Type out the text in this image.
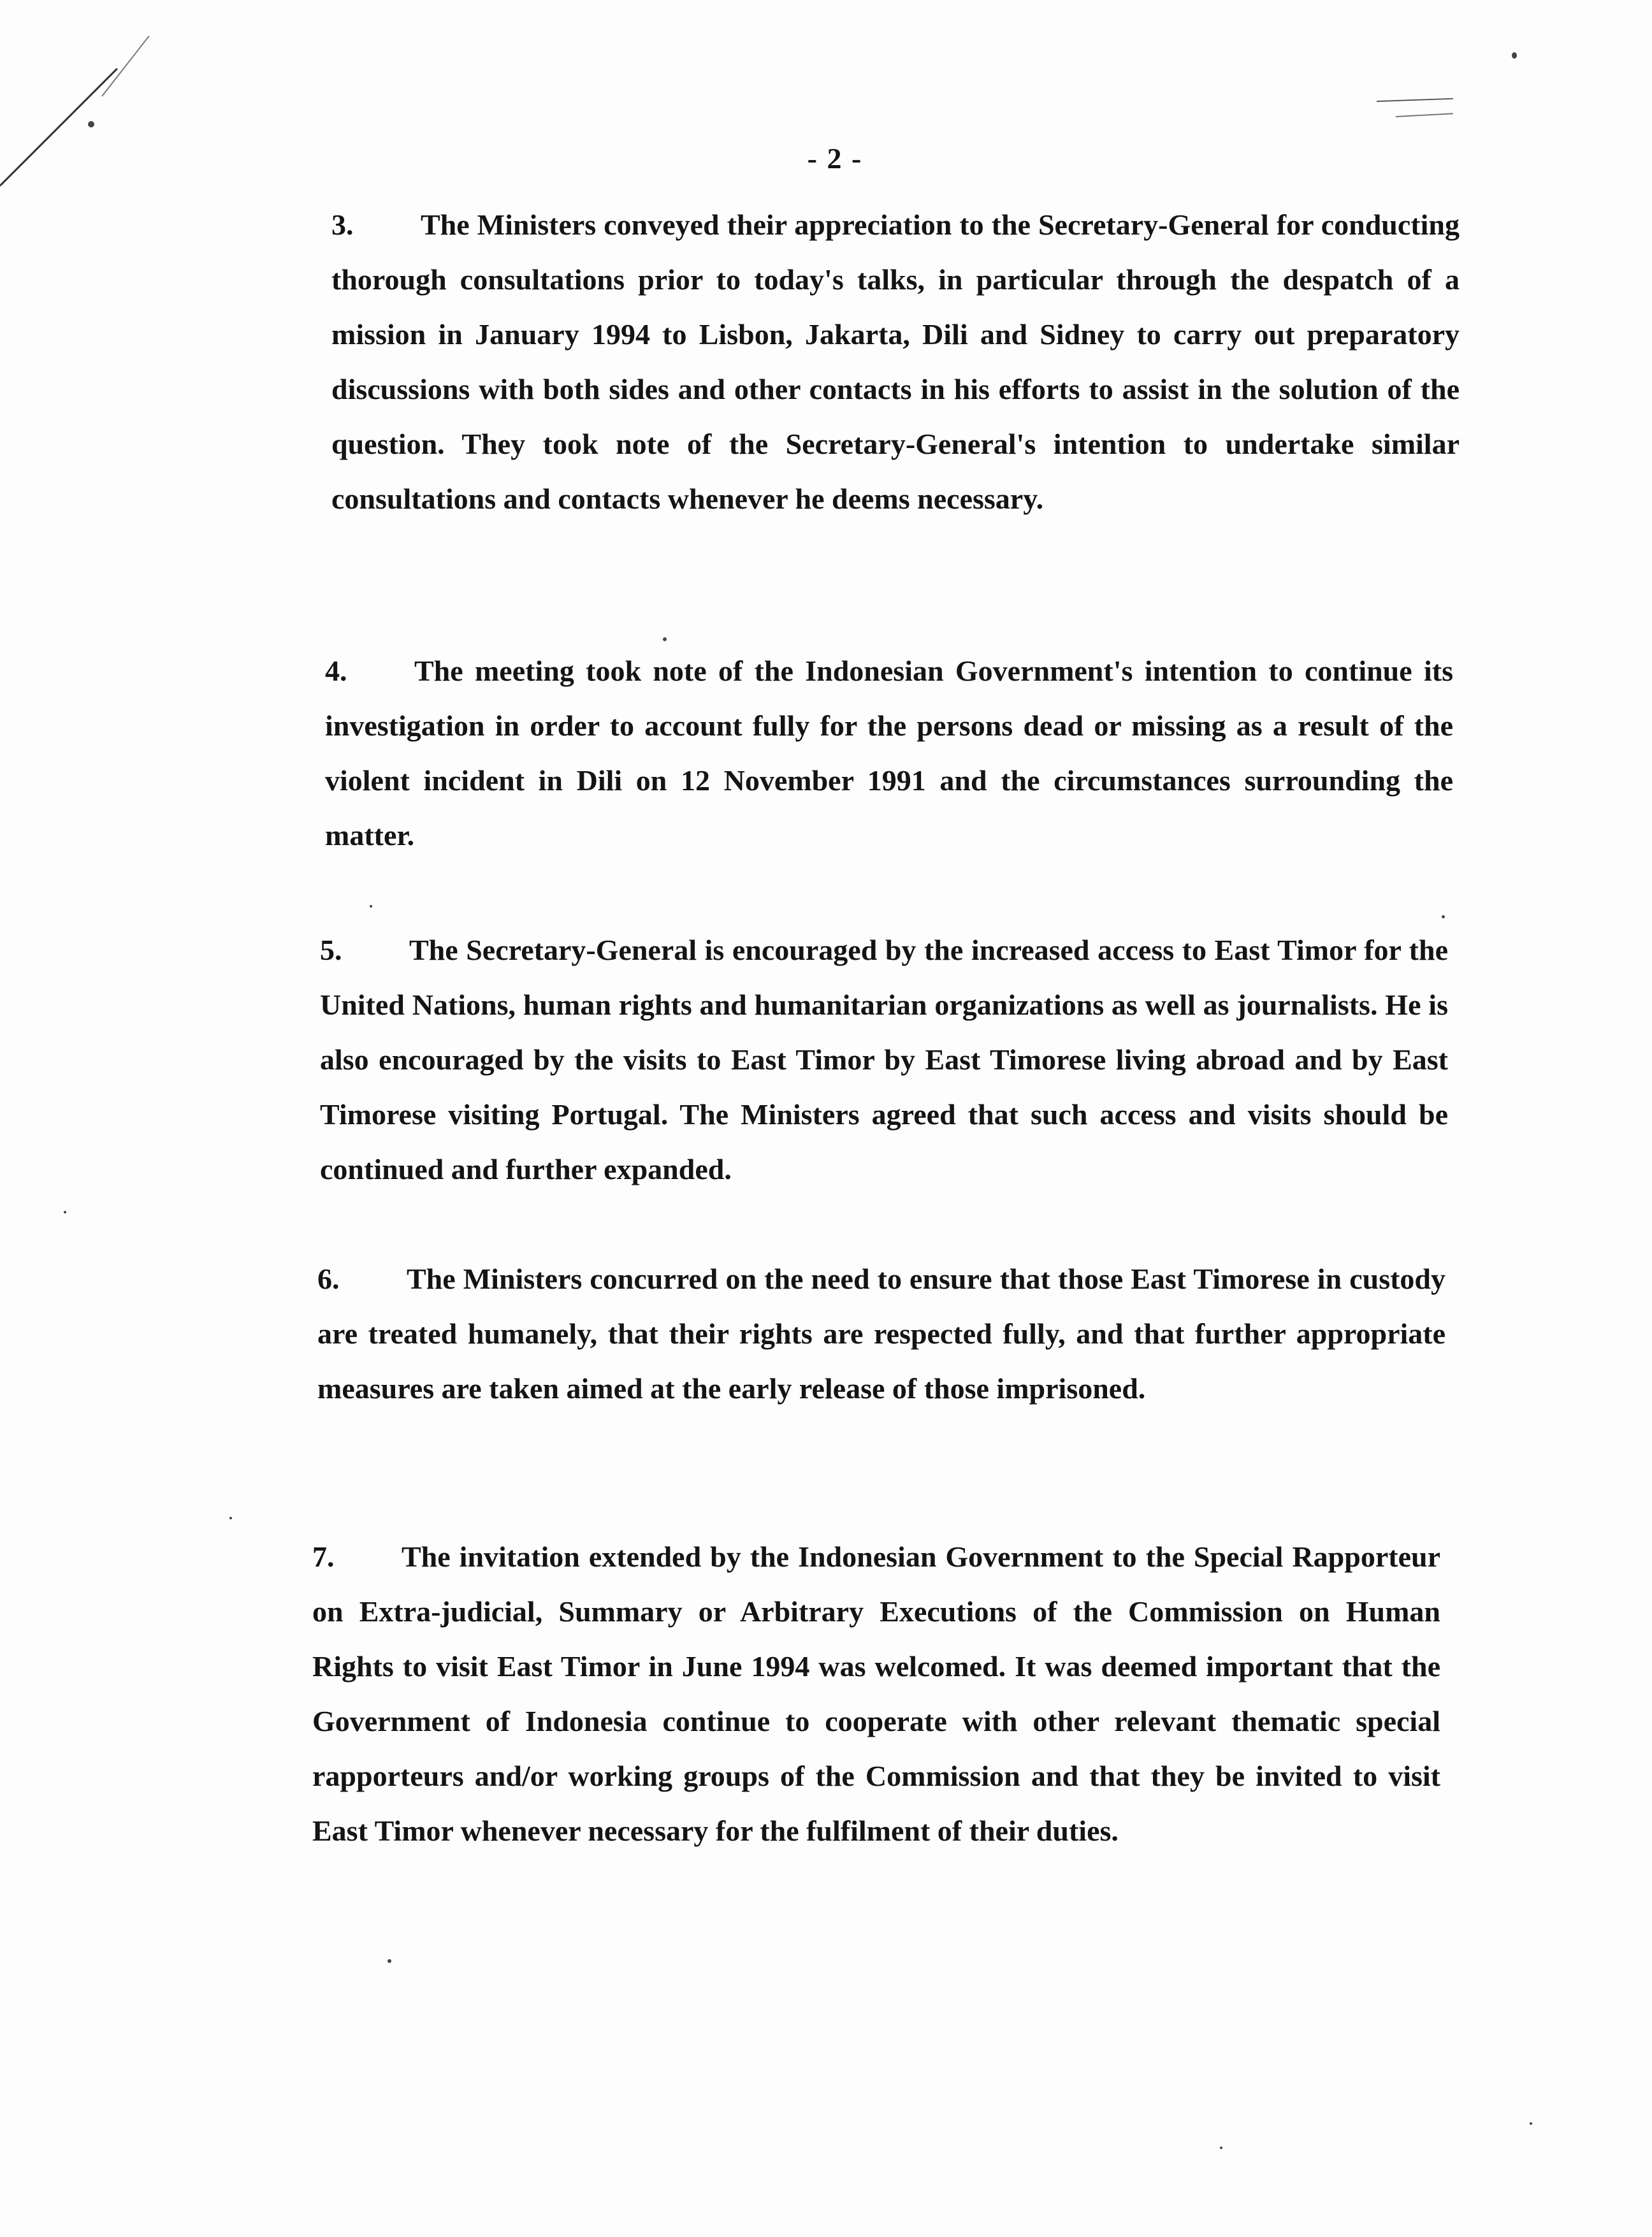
- 2 -
3. The Ministers conveyed their appreciation to the Secretary-General for conducting thorough consultations prior to today's talks, in particular through the despatch of a mission in January 1994 to Lisbon, Jakarta, Dili and Sidney to carry out preparatory discussions with both sides and other contacts in his efforts to assist in the solution of the question. They took note of the Secretary-General's intention to undertake similar consultations and contacts whenever he deems necessary.
4. The meeting took note of the Indonesian Government's intention to continue its investigation in order to account fully for the persons dead or missing as a result of the violent incident in Dili on 12 November 1991 and the circumstances surrounding the matter.
5. The Secretary-General is encouraged by the increased access to East Timor for the United Nations, human rights and humanitarian organizations as well as journalists. He is also encouraged by the visits to East Timor by East Timorese living abroad and by East Timorese visiting Portugal. The Ministers agreed that such access and visits should be continued and further expanded.
6. The Ministers concurred on the need to ensure that those East Timorese in custody are treated humanely, that their rights are respected fully, and that further appropriate measures are taken aimed at the early release of those imprisoned.
7. The invitation extended by the Indonesian Government to the Special Rapporteur on Extra-judicial, Summary or Arbitrary Executions of the Commission on Human Rights to visit East Timor in June 1994 was welcomed. It was deemed important that the Government of Indonesia continue to cooperate with other relevant thematic special rapporteurs and/or working groups of the Commission and that they be invited to visit East Timor whenever necessary for the fulfilment of their duties.
